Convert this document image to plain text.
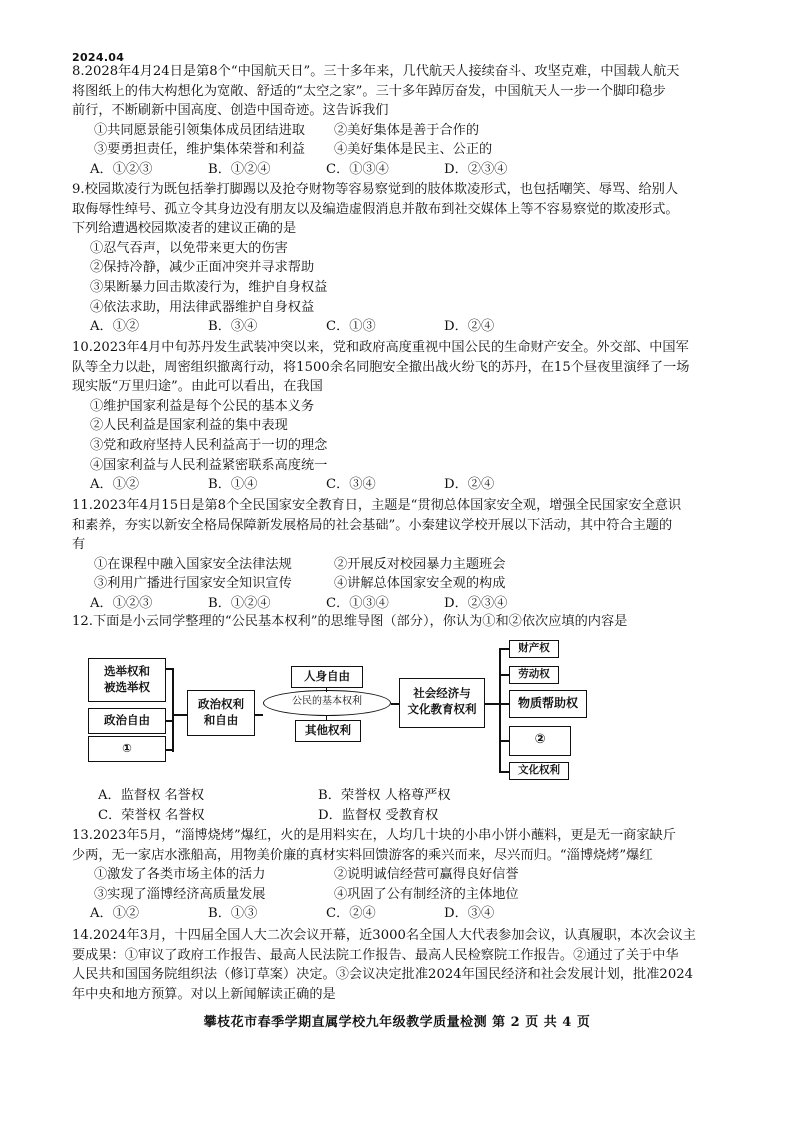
2024.04
8.2028年4月24日是第8个“中国航天日”。三十多年来，几代航天人接续奋斗、攻坚克难，中国载人航天
将图纸上的伟大构想化为宽敞、舒适的“太空之家”。三十多年踔厉奋发，中国航天人一步一个脚印稳步
前行，不断刷新中国高度、创造中国奇迹。这告诉我们
①共同愿景能引领集体成员团结进取	②美好集体是善于合作的
③要勇担责任，维护集体荣誉和利益	④美好集体是民主、公正的
A．①②③	B．①②④	C．①③④	D．②③④
9.校园欺凌行为既包括拳打脚踢以及抢夺财物等容易察觉到的肢体欺凌形式，也包括嘲笑、辱骂、给别人
取侮辱性绰号、孤立令其身边没有朋友以及编造虚假消息并散布到社交媒体上等不容易察觉的欺凌形式。
下列给遭遇校园欺凌者的建议正确的是
①忍气吞声，以免带来更大的伤害
②保持冷静，减少正面冲突并寻求帮助
③果断暴力回击欺凌行为，维护自身权益
④依法求助，用法律武器维护自身权益
A．①②	B．③④	C．①③	D．②④
10.2023年4月中旬苏丹发生武装冲突以来，党和政府高度重视中国公民的生命财产安全。外交部、中国军
队等全力以赴，周密组织撤离行动，将1500余名同胞安全撤出战火纷飞的苏丹，在15个昼夜里演绎了一场
现实版“万里归途”。由此可以看出，在我国
①维护国家利益是每个公民的基本义务
②人民利益是国家利益的集中表现
③党和政府坚持人民利益高于一切的理念
④国家利益与人民利益紧密联系高度统一
A．①②	B．①④	C．③④	D．②④
11.2023年4月15日是第8个全民国家安全教育日，主题是“贯彻总体国家安全观，增强全民国家安全意识
和素养，夯实以新安全格局保障新发展格局的社会基础”。小秦建议学校开展以下活动，其中符合主题的
有
①在课程中融入国家安全法律法规	②开展反对校园暴力主题班会
③利用广播进行国家安全知识宣传	④讲解总体国家安全观的构成
A．①②③	B．①②④	C．①③④	D．②③④
12.下面是小云同学整理的“公民基本权利”的思维导图（部分），你认为①和②依次应填的内容是
选举权和
被选举权
政治自由
①
政治权利
和自由
公民的基本权利
人身自由
其他权利
社会经济与
文化教育权利
财产权
劳动权
物质帮助权
②
文化权利
A．监督权 名誉权	B．荣誉权 人格尊严权
C．荣誉权 名誉权	D．监督权 受教育权
13.2023年5月，“淄博烧烤”爆红，火的是用料实在，人均几十块的小串小饼小蘸料，更是无一商家缺斤
少两，无一家店水涨船高，用物美价廉的真材实料回馈游客的乘兴而来，尽兴而归。“淄博烧烤”爆红
①激发了各类市场主体的活力	②说明诚信经营可赢得良好信誉
③实现了淄博经济高质量发展	④巩固了公有制经济的主体地位
A．①②	B．①③	C．②④	D．③④
14.2024年3月，十四届全国人大二次会议开幕，近3000名全国人大代表参加会议，认真履职，本次会议主
要成果：①审议了政府工作报告、最高人民法院工作报告、最高人民检察院工作报告。②通过了关于中华
人民共和国国务院组织法（修订草案）决定。③会议决定批准2024年国民经济和社会发展计划，批准2024
年中央和地方预算。对以上新闻解读正确的是
攀枝花市春季学期直属学校九年级教学质量检测 第 2 页 共 4 页
